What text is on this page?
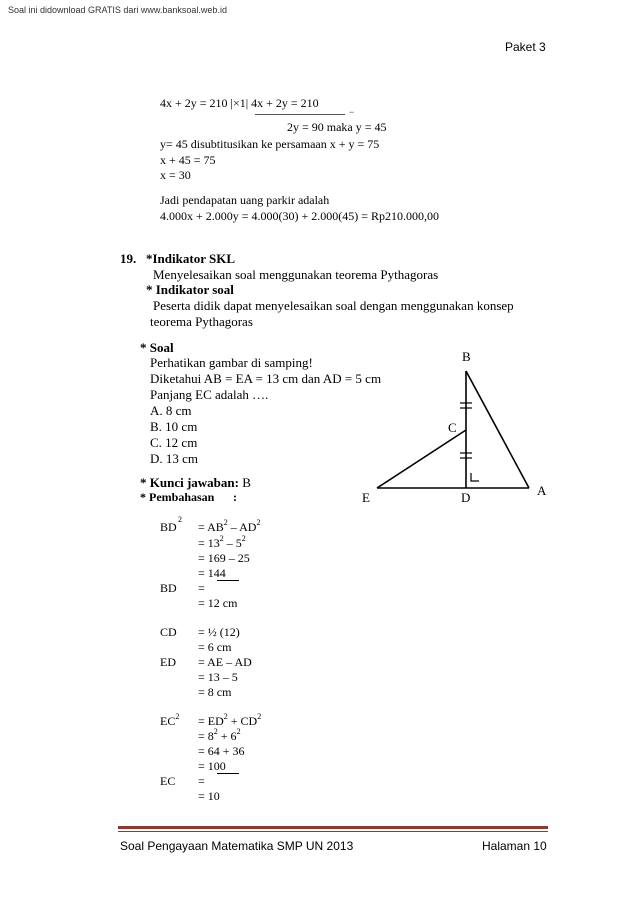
Soal ini didownload GRATIS dari www.banksoal.web.id
Paket 3
4x + 2y = 210 |×1| 4x + 2y = 210
−
2y = 90 maka y = 45
y= 45 disubtitusikan ke persamaan x + y = 75
x + 45 = 75
x = 30
Jadi pendapatan uang parkir adalah
4.000x + 2.000y = 4.000(30) + 2.000(45) = Rp210.000,00
19. *Indikator SKL
Menyelesaikan soal menggunakan teorema Pythagoras
* Indikator soal
Peserta didik dapat menyelesaikan soal dengan menggunakan konsep
teorema Pythagoras
* Soal
Perhatikan gambar di samping!
Diketahui AB = EA = 13 cm dan AD = 5 cm
Panjang EC adalah ….
A. 8 cm
B. 10 cm
C. 12 cm
D. 13 cm
* Kunci jawaban: B
* Pembahasan :
B
C
A
E	D
BD
2
= $AB^2 - AD^2$
= $13^2 - 5^2$
= 169 – 25
= 144
BD =
= 12 cm
CD = ½ (12)
= 6 cm
ED = AE – AD
= 13 – 5
= 8 cm
$EC^2 = ED^2 + CD^2$
= $8^2 + 6^2$
= 64 + 36
= 100
EC =
= 10
Soal Pengayaan Matematika SMP UN 2013	Halaman 10
